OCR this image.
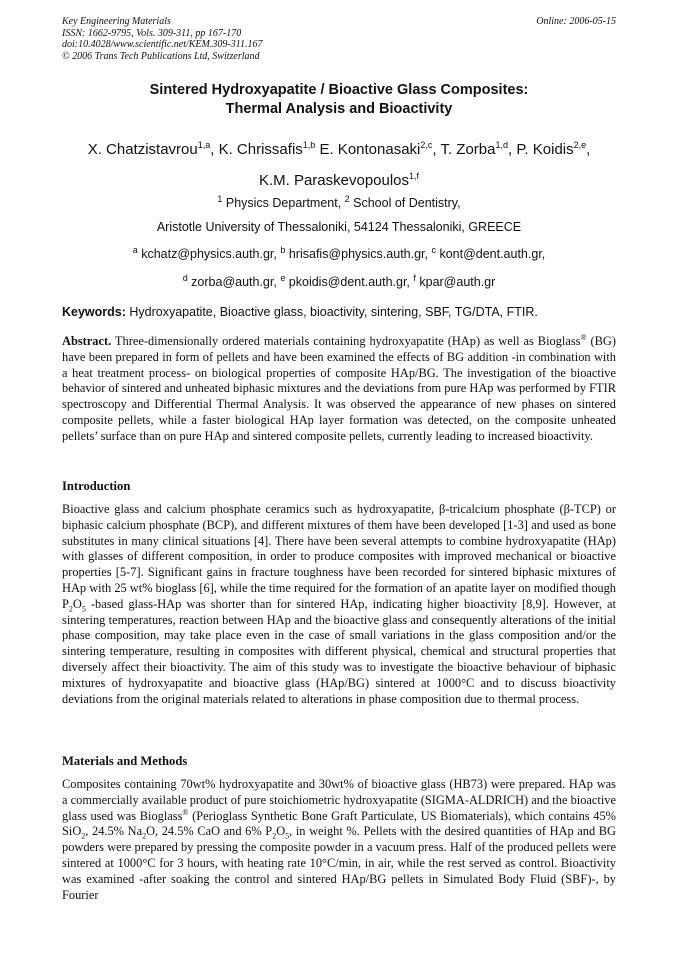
Key Engineering Materials
ISSN: 1662-9795, Vols. 309-311, pp 167-170
doi:10.4028/www.scientific.net/KEM.309-311.167
© 2006 Trans Tech Publications Ltd, Switzerland
Online: 2006-05-15
Sintered Hydroxyapatite / Bioactive Glass Composites:
Thermal Analysis and Bioactivity
X. Chatzistavrou$^{1,a}$, K. Chrissafis$^{1,b}$ E. Kontonasaki$^{2,c}$, T. Zorba$^{1,d}$, P. Koidis$^{2,e}$,
K.M. Paraskevopoulos$^{1,f}$
$^1$ Physics Department, $^2$ School of Dentistry,
Aristotle University of Thessaloniki, 54124 Thessaloniki, GREECE
$^a$ kchatz@physics.auth.gr, $^b$ hrisafis@physics.auth.gr, $^c$ kont@dent.auth.gr,
$^d$ zorba@auth.gr, $^e$ pkoidis@dent.auth.gr, $^f$ kpar@auth.gr
Keywords: Hydroxyapatite, Bioactive glass, bioactivity, sintering, SBF, TG/DTA, FTIR.
Abstract. Three-dimensionally ordered materials containing hydroxyapatite (HAp) as well as Bioglass® (BG) have been prepared in form of pellets and have been examined the effects of BG addition -in combination with a heat treatment process- on biological properties of composite HAp/BG. The investigation of the bioactive behavior of sintered and unheated biphasic mixtures and the deviations from pure HAp was performed by FTIR spectroscopy and Differential Thermal Analysis. It was observed the appearance of new phases on sintered composite pellets, while a faster biological HAp layer formation was detected, on the composite unheated pellets’ surface than on pure HAp and sintered composite pellets, currently leading to increased bioactivity.
Introduction
Bioactive glass and calcium phosphate ceramics such as hydroxyapatite, β-tricalcium phosphate (β-TCP) or biphasic calcium phosphate (BCP), and different mixtures of them have been developed [1-3] and used as bone substitutes in many clinical situations [4]. There have been several attempts to combine hydroxyapatite (HAp) with glasses of different composition, in order to produce composites with improved mechanical or bioactive properties [5-7]. Significant gains in fracture toughness have been recorded for sintered biphasic mixtures of HAp with 25 wt% bioglass [6], while the time required for the formation of an apatite layer on modified though $P_2O_5$ -based glass-HAp was shorter than for sintered HAp, indicating higher bioactivity [8,9]. However, at sintering temperatures, reaction between HAp and the bioactive glass and consequently alterations of the initial phase composition, may take place even in the case of small variations in the glass composition and/or the sintering temperature, resulting in composites with different physical, chemical and structural properties that diversely affect their bioactivity. The aim of this study was to investigate the bioactive behaviour of biphasic mixtures of hydroxyapatite and bioactive glass (HAp/BG) sintered at 1000°C and to discuss bioactivity deviations from the original materials related to alterations in phase composition due to thermal process.
Materials and Methods
Composites containing 70wt% hydroxyapatite and 30wt% of bioactive glass (HB73) were prepared. HAp was a commercially available product of pure stoichiometric hydroxyapatite (SIGMA-ALDRICH) and the bioactive glass used was Bioglass® (Perioglass Synthetic Bone Graft Particulate, US Biomaterials), which contains 45% SiO$_2$, 24.5% $Na_2O$, 24.5% CaO and 6% $P_2O_5$, in weight %. Pellets with the desired quantities of HAp and BG powders were prepared by pressing the composite powder in a vacuum press. Half of the produced pellets were sintered at 1000°C for 3 hours, with heating rate 10°C/min, in air, while the rest served as control. Bioactivity was examined -after soaking the control and sintered HAp/BG pellets in Simulated Body Fluid (SBF)-, by Fourier
